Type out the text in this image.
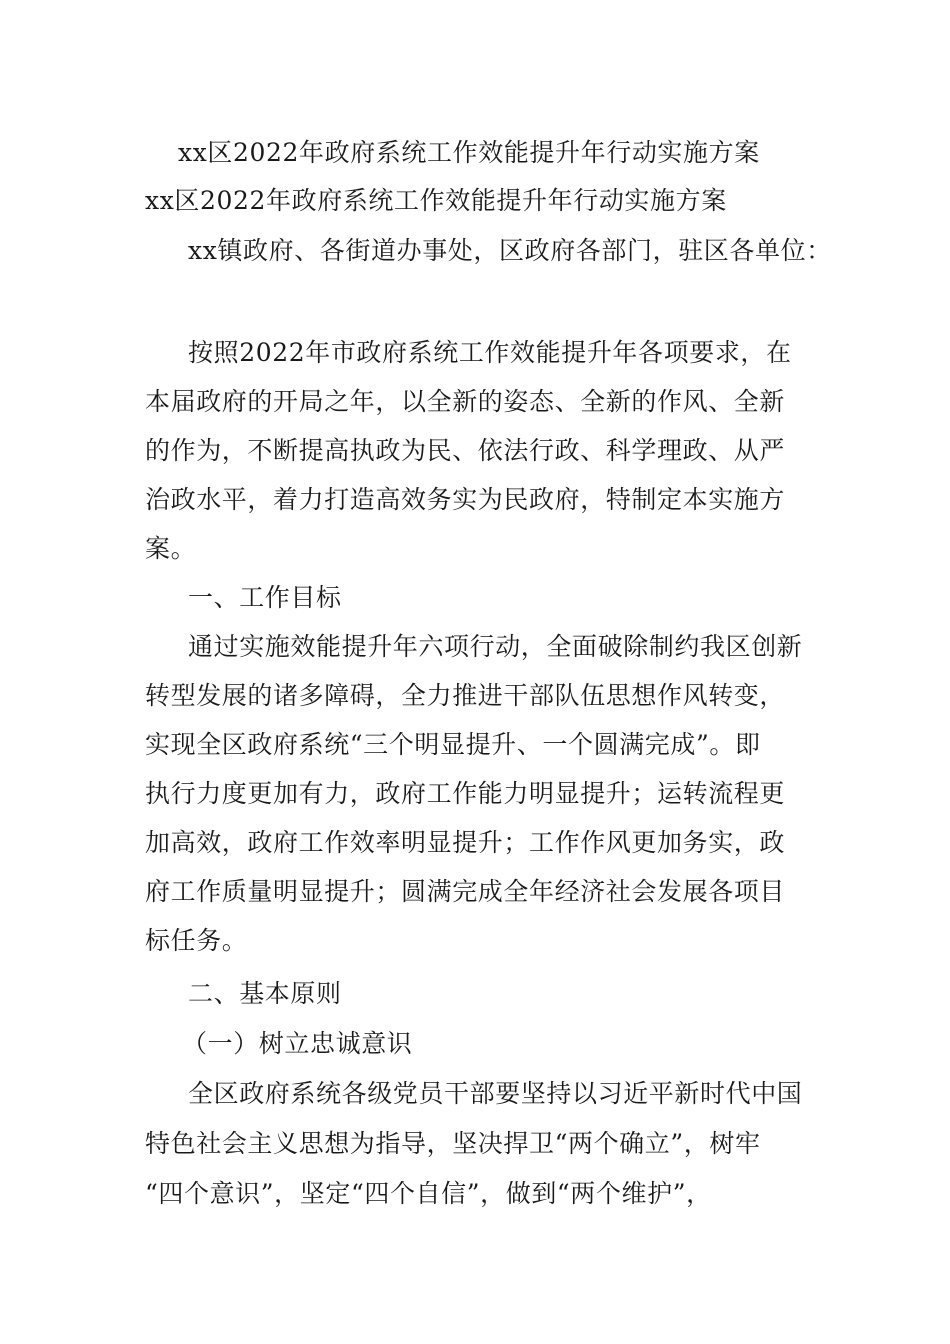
xx区2022年政府系统工作效能提升年行动实施方案
xx区2022年政府系统工作效能提升年行动实施方案
xx镇政府、各街道办事处，区政府各部门，驻区各单位：
按照2022年市政府系统工作效能提升年各项要求，在
本届政府的开局之年，以全新的姿态、全新的作风、全新
的作为，不断提高执政为民、依法行政、科学理政、从严
治政水平，着力打造高效务实为民政府，特制定本实施方
案。
一、工作目标
通过实施效能提升年六项行动，全面破除制约我区创新
转型发展的诸多障碍，全力推进干部队伍思想作风转变，
实现全区政府系统“三个明显提升、一个圆满完成”。即
执行力度更加有力，政府工作能力明显提升；运转流程更
加高效，政府工作效率明显提升；工作作风更加务实，政
府工作质量明显提升；圆满完成全年经济社会发展各项目
标任务。
二、基本原则
（一）树立忠诚意识
全区政府系统各级党员干部要坚持以习近平新时代中国
特色社会主义思想为指导，坚决捍卫“两个确立”，树牢
“四个意识”，坚定“四个自信”，做到“两个维护”，
